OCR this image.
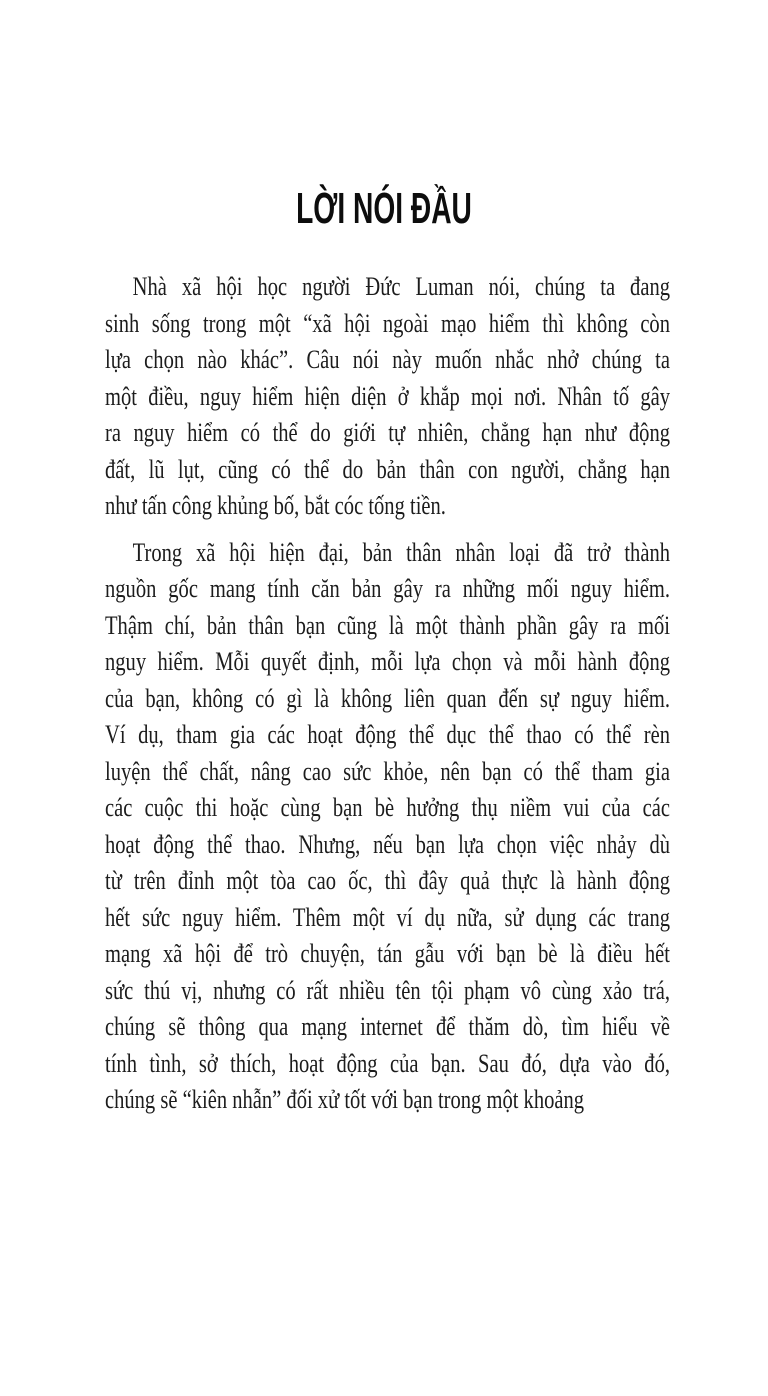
LỜI NÓI ĐẦU
Nhà xã hội học người Đức Luman nói, chúng ta đang
sinh sống trong một “xã hội ngoài mạo hiểm thì không còn
lựa chọn nào khác”. Câu nói này muốn nhắc nhở chúng ta
một điều, nguy hiểm hiện diện ở khắp mọi nơi. Nhân tố gây
ra nguy hiểm có thể do giới tự nhiên, chẳng hạn như động
đất, lũ lụt, cũng có thể do bản thân con người, chẳng hạn
như tấn công khủng bố, bắt cóc tống tiền.
Trong xã hội hiện đại, bản thân nhân loại đã trở thành
nguồn gốc mang tính căn bản gây ra những mối nguy hiểm.
Thậm chí, bản thân bạn cũng là một thành phần gây ra mối
nguy hiểm. Mỗi quyết định, mỗi lựa chọn và mỗi hành động
của bạn, không có gì là không liên quan đến sự nguy hiểm.
Ví dụ, tham gia các hoạt động thể dục thể thao có thể rèn
luyện thể chất, nâng cao sức khỏe, nên bạn có thể tham gia
các cuộc thi hoặc cùng bạn bè hưởng thụ niềm vui của các
hoạt động thể thao. Nhưng, nếu bạn lựa chọn việc nhảy dù
từ trên đỉnh một tòa cao ốc, thì đây quả thực là hành động
hết sức nguy hiểm. Thêm một ví dụ nữa, sử dụng các trang
mạng xã hội để trò chuyện, tán gẫu với bạn bè là điều hết
sức thú vị, nhưng có rất nhiều tên tội phạm vô cùng xảo trá,
chúng sẽ thông qua mạng internet để thăm dò, tìm hiểu về
tính tình, sở thích, hoạt động của bạn. Sau đó, dựa vào đó,
chúng sẽ “kiên nhẫn” đối xử tốt với bạn trong một khoảng
